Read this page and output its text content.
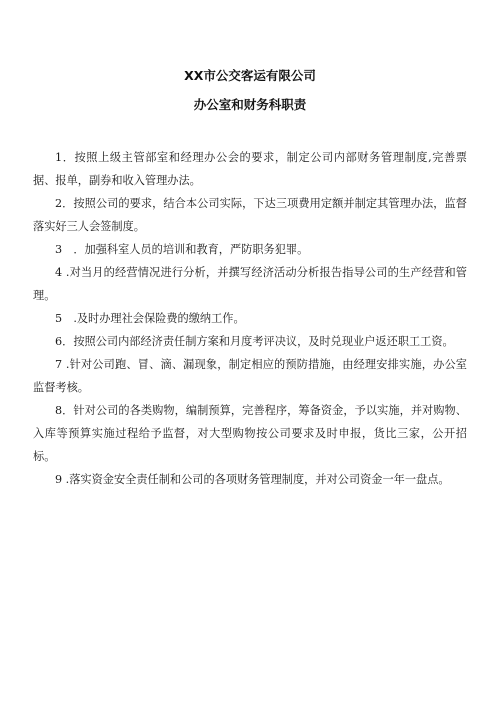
XX市公交客运有限公司
办公室和财务科职责

1．按照上级主管部室和经理办公会的要求，制定公司内部财务管理制度,完善票据、报单，副券和收入管理办法。

2．按照公司的要求，结合本公司实际，下达三项费用定额并制定其管理办法，监督落实好三人会签制度。

3　．加强科室人员的培训和教育，严防职务犯罪。

4 .对当月的经营情况进行分析，并撰写经济活动分析报告指导公司的生产经营和管理。

5　.及时办理社会保险费的缴纳工作。

6．按照公司内部经济责任制方案和月度考评决议，及时兑现业户返还职工工资。

7 .针对公司跑、冒、滴、漏现象，制定相应的预防措施，由经理安排实施，办公室监督考核。

8．针对公司的各类购物，编制预算，完善程序，筹备资金，予以实施，并对购物、入库等预算实施过程给予监督，对大型购物按公司要求及时申报，货比三家，公开招标。

9 .落实资金安全责任制和公司的各项财务管理制度，并对公司资金一年一盘点。
